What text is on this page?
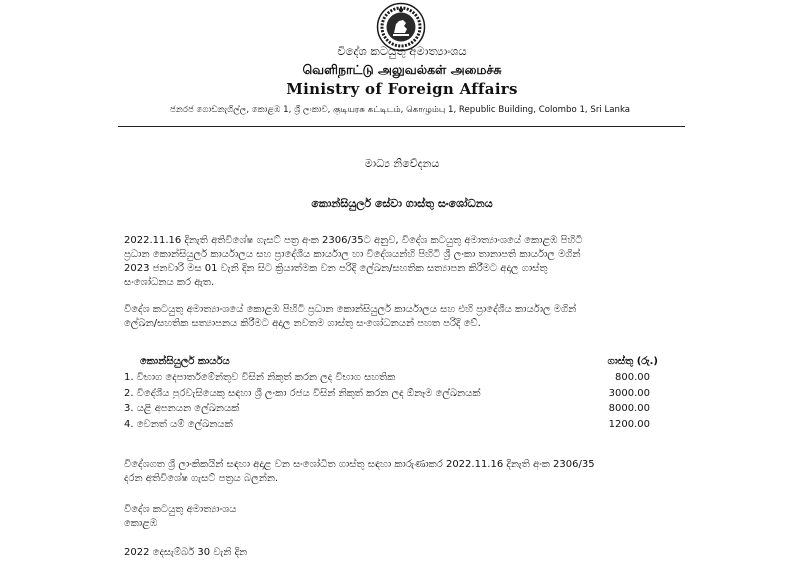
විදේශ කටයුතු අමාත්‍යාංශය
வெளிநாட்டு அலுவல்கள் அமைச்சு
Ministry of Foreign Affairs
ජනරජ ගොඩනැගිල්ල, කොළඹ 1, ශ්‍රී ලංකාව, குடியரசு கட்டிடம், கொழும்பு 1, Republic Building, Colombo 1, Sri Lanka
මාධ්‍ය නිවේදනය
කොන්සියුලර් සේවා ගාස්තු සංශෝධනය
2022.11.16 දිනැති අතිවිශේෂ ගැසට් පත්‍ර අංක 2306/35ට අනුව, විදේශ කටයුතු අමාත්‍යාංශයේ කොළඹ පිහිටි
ප්‍රධාන කොන්සියුලර් කාර්යාලය සහ ප්‍රාදේශීය කාර්යාල හා විදේශයන්හි පිහිටි ශ්‍රී ලංකා තානාපති කාර්යාල මගින්
2023 ජනවාරි මස 01 වැනි දින සිට ක්‍රියාත්මක වන පරිදි ලේඛන/සහතික සත්‍යාපන කිරීමට අදාල ගාස්තු
සංශෝධනය කර ඇත.
විදේශ කටයුතු අමාත්‍යාංශයේ කොළඹ පිහිටි ප්‍රධාන කොන්සියුලර් කාර්යාලය සහ එහි ප්‍රාදේශීය කාර්යාල මගින්
ලේඛන/සහතික සත්‍යාපනය කිරීමට අදාල නවතම ගාස්තු සංශෝධනයන් පහත පරිදි වේ.
කොන්සියුලර් කාර්යය	ගාස්තු (රු.)
1. විභාග දෙපාර්තමේන්තුව විසින් නිකුත් කරන ලද විභාග සහතික	800.00
2. විදේශීය පුරවැසියෙකු සඳහා ශ්‍රී ලංකා රජය විසින් නිකුත් කරන ලද ඕනෑම ලේඛනයක්	3000.00
3. යළි අපනයන ලේඛනයක්	8000.00
4. වෙනත් යම් ලේඛනයක්	1200.00
විදේශගත ශ්‍රී ලාංකිකයින් සඳහා අදාළ වන සංශෝධිත ගාස්තු සඳහා කාරුණාකර 2022.11.16 දිනැති අංක 2306/35
දරන අතිවිශේෂ ගැසට් පත්‍රය බලන්න.
විදේශ කටයුතු අමාත්‍යාංශය
කොළඹ
2022 දෙසැම්බර් 30 වැනි දින
